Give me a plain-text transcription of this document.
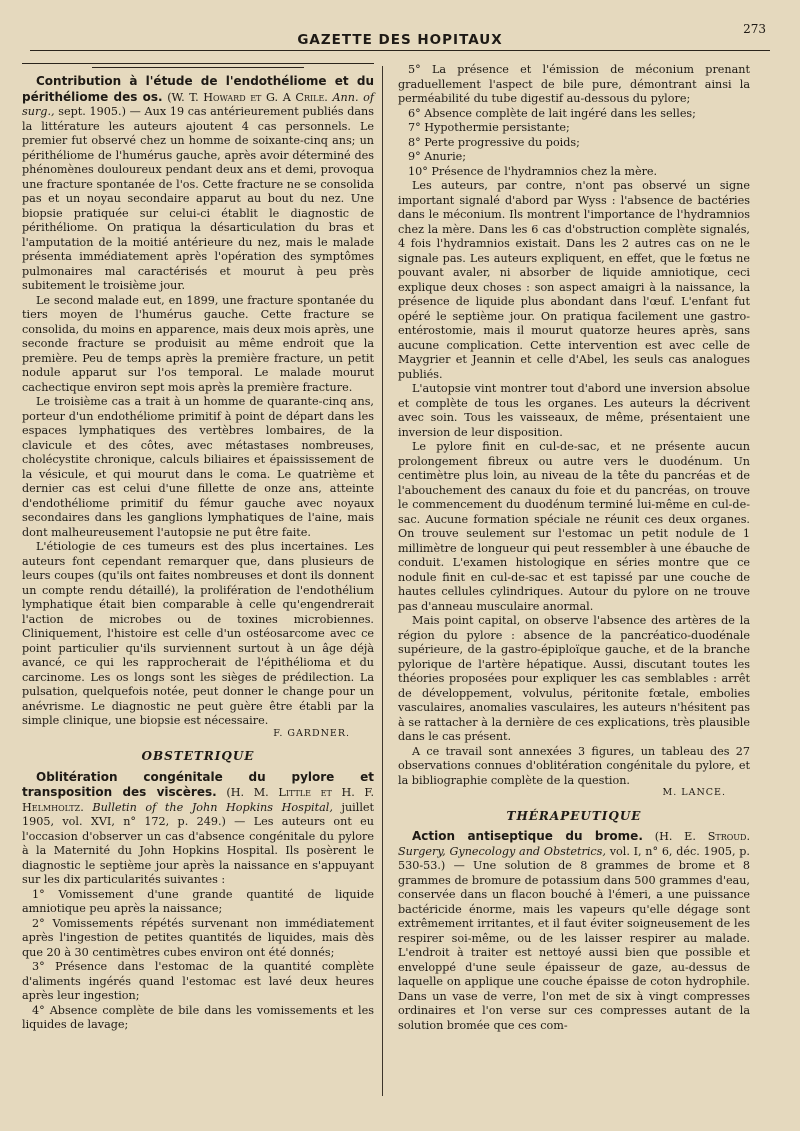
GAZETTE DES HOPITAUX
273

Contribution à l'étude de l'endothéliome et du périthéliome des os. (W. T. Howard et G. A Crile. Ann. of surg., sept. 1905.) — Aux 19 cas antérieurement publiés dans la littérature les auteurs ajoutent 4 cas personnels. Le premier fut observé chez un homme de soixante-cinq ans; un périthéliome de l'humérus gauche, après avoir déterminé des phénomènes douloureux pendant deux ans et demi, provoqua une fracture spontanée de l'os. Cette fracture ne se consolida pas et un noyau secondaire apparut au bout du nez. Une biopsie pratiquée sur celui-ci établit le diagnostic de périthéliome. On pratiqua la désarticulation du bras et l'amputation de la moitié antérieure du nez, mais le malade présenta immédiatement après l'opération des symptômes pulmonaires mal caractérisés et mourut à peu près subitement le troisième jour.

Le second malade eut, en 1899, une fracture spontanée du tiers moyen de l'humérus gauche. Cette fracture se consolida, du moins en apparence, mais deux mois après, une seconde fracture se produisit au même endroit que la première. Peu de temps après la première fracture, un petit nodule apparut sur l'os temporal. Le malade mourut cachectique environ sept mois après la première fracture.

Le troisième cas a trait à un homme de quarante-cinq ans, porteur d'un endothéliome primitif à point de départ dans les espaces lymphatiques des vertèbres lombaires, de la clavicule et des côtes, avec métastases nombreuses, cholécystite chronique, calculs biliaires et épaississement de la vésicule, et qui mourut dans le coma. Le quatrième et dernier cas est celui d'une fillette de onze ans, atteinte d'endothéliome primitif du fémur gauche avec noyaux secondaires dans les ganglions lymphatiques de l'aine, mais dont malheureusement l'autopsie ne put être faite.

L'étiologie de ces tumeurs est des plus incertaines. Les auteurs font cependant remarquer que, dans plusieurs de leurs coupes (qu'ils ont faites nombreuses et dont ils donnent un compte rendu détaillé), la prolifération de l'endothélium lymphatique était bien comparable à celle qu'engendrerait l'action de microbes ou de toxines microbiennes. Cliniquement, l'histoire est celle d'un ostéosarcome avec ce point particulier qu'ils surviennent surtout à un âge déjà avancé, ce qui les rapprocherait de l'épithélioma et du carcinome. Les os longs sont les sièges de prédilection. La pulsation, quelquefois notée, peut donner le change pour un anévrisme. Le diagnostic ne peut guère être établi par la simple clinique, une biopsie est nécessaire.

F. GARDNER.
OBSTETRIQUE

Oblitération congénitale du pylore et transposition des viscères. (H. M. Little et H. F. Helmholtz. Bulletin of the John Hopkins Hospital, juillet 1905, vol. XVI, n° 172, p. 249.) — Les auteurs ont eu l'occasion d'observer un cas d'absence congénitale du pylore à la Maternité du John Hopkins Hospital. Ils posèrent le diagnostic le septième jour après la naissance en s'appuyant sur les dix particularités suivantes :

1° Vomissement d'une grande quantité de liquide amniotique peu après la naissance;

2° Vomissements répétés survenant non immédiatement après l'ingestion de petites quantités de liquides, mais dès que 20 à 30 centimètres cubes environ ont été donnés;

3° Présence dans l'estomac de la quantité complète d'aliments ingérés quand l'estomac est lavé deux heures après leur ingestion;

4° Absence complète de bile dans les vomissements et les liquides de lavage;

5° La présence et l'émission de méconium prenant graduellement l'aspect de bile pure, démontrant ainsi la perméabilité du tube digestif au-dessous du pylore;

6° Absence complète de lait ingéré dans les selles;

7° Hypothermie persistante;

8° Perte progressive du poids;

9° Anurie;

10° Présence de l'hydramnios chez la mère.

Les auteurs, par contre, n'ont pas observé un signe important signalé d'abord par Wyss : l'absence de bactéries dans le méconium. Ils montrent l'importance de l'hydramnios chez la mère. Dans les 6 cas d'obstruction complète signalés, 4 fois l'hydramnios existait. Dans les 2 autres cas on ne le signale pas. Les auteurs expliquent, en effet, que le fœtus ne pouvant avaler, ni absorber de liquide amniotique, ceci explique deux choses : son aspect amaigri à la naissance, la présence de liquide plus abondant dans l'œuf. L'enfant fut opéré le septième jour. On pratiqua facilement une gastro-entérostomie, mais il mourut quatorze heures après, sans aucune complication. Cette intervention est avec celle de Maygrier et Jeannin et celle d'Abel, les seuls cas analogues publiés.

L'autopsie vint montrer tout d'abord une inversion absolue et complète de tous les organes. Les auteurs la décrivent avec soin. Tous les vaisseaux, de même, présentaient une inversion de leur disposition.

Le pylore finit en cul-de-sac, et ne présente aucun prolongement fibreux ou autre vers le duodénum. Un centimètre plus loin, au niveau de la tête du pancréas et de l'abouchement des canaux du foie et du pancréas, on trouve le commencement du duodénum terminé lui-même en cul-de-sac. Aucune formation spéciale ne réunit ces deux organes. On trouve seulement sur l'estomac un petit nodule de 1 millimètre de longueur qui peut ressembler à une ébauche de conduit. L'examen histologique en séries montre que ce nodule finit en cul-de-sac et est tapissé par une couche de hautes cellules cylindriques. Autour du pylore on ne trouve pas d'anneau musculaire anormal.

Mais point capital, on observe l'absence des artères de la région du pylore : absence de la pancréatico-duodénale supérieure, de la gastro-épiploïque gauche, et de la branche pylorique de l'artère hépatique. Aussi, discutant toutes les théories proposées pour expliquer les cas semblables : arrêt de développement, volvulus, péritonite fœtale, embolies vasculaires, anomalies vasculaires, les auteurs n'hésitent pas à se rattacher à la dernière de ces explications, très plausible dans le cas présent.

A ce travail sont annexées 3 figures, un tableau des 27 observations connues d'oblitération congénitale du pylore, et la bibliographie complète de la question.

M. LANCE.
THÉRAPEUTIQUE

Action antiseptique du brome. (H. E. Stroud. Surgery, Gynecology and Obstetrics, vol. I, n° 6, déc. 1905, p. 530-53.) — Une solution de 8 grammes de brome et 8 grammes de bromure de potassium dans 500 grammes d'eau, conservée dans un flacon bouché à l'émeri, a une puissance bactéricide énorme, mais les vapeurs qu'elle dégage sont extrêmement irritantes, et il faut éviter soigneusement de les respirer soi-même, ou de les laisser respirer au malade. L'endroit à traiter est nettoyé aussi bien que possible et enveloppé d'une seule épaisseur de gaze, au-dessus de laquelle on applique une couche épaisse de coton hydrophile. Dans un vase de verre, l'on met de six à vingt compresses ordinaires et l'on verse sur ces compresses autant de la solution bromée que ces com-
